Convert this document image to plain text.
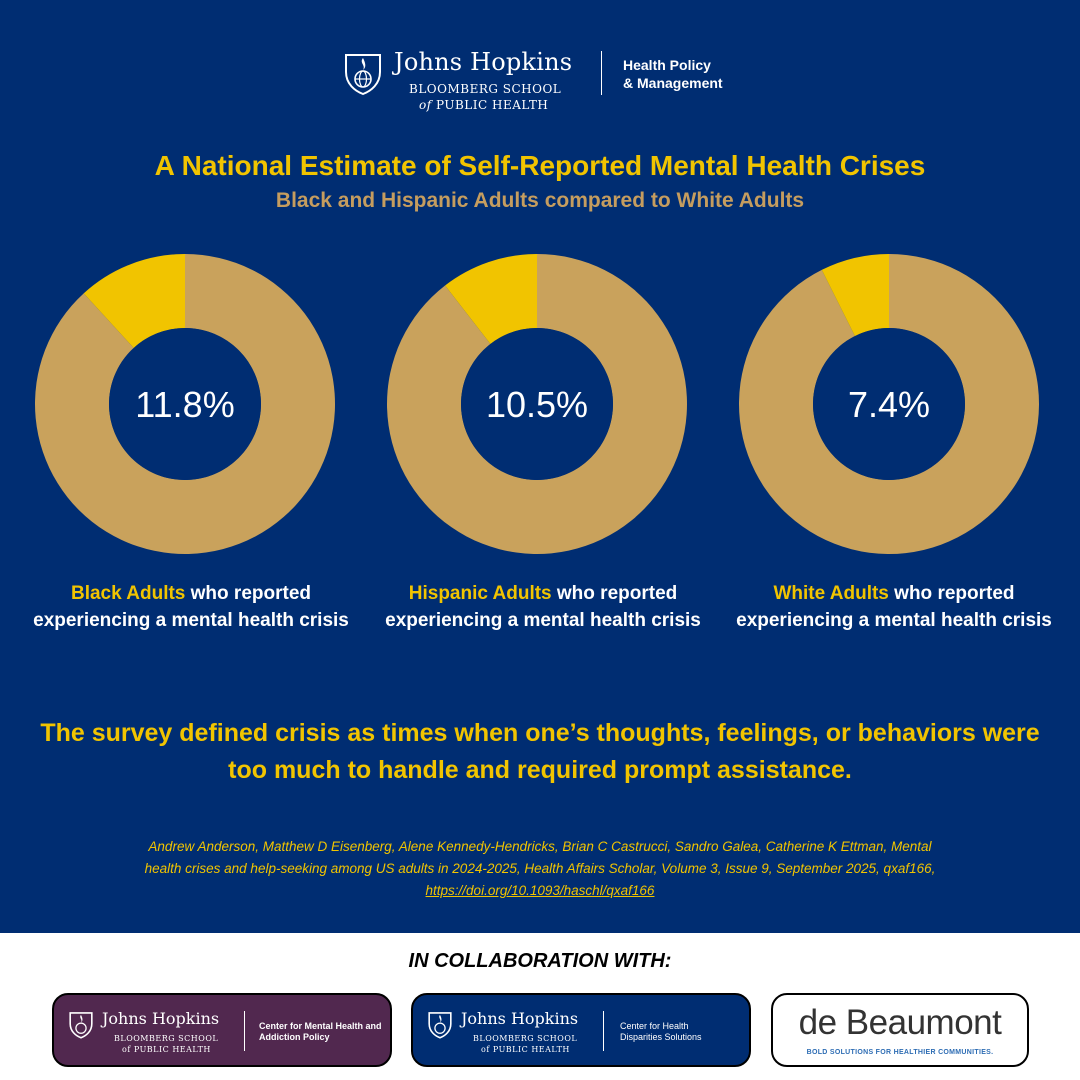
Johns Hopkins
BLOOMBERG SCHOOL
of PUBLIC HEALTH
Health Policy
& Management
A National Estimate of Self-Reported Mental Health Crises
Black and Hispanic Adults compared to White Adults
11.8%	10.5%	7.4%
Black Adults who reported experiencing a mental health crisis
Hispanic Adults who reported experiencing a mental health crisis
White Adults who reported experiencing a mental health crisis
The survey defined crisis as times when one’s thoughts, feelings, or behaviors were too much to handle and required prompt assistance.
Andrew Anderson, Matthew D Eisenberg, Alene Kennedy-Hendricks, Brian C Castrucci, Sandro Galea, Catherine K Ettman, Mental health crises and help-seeking among US adults in 2024-2025, Health Affairs Scholar, Volume 3, Issue 9, September 2025, qxaf166, https://doi.org/10.1093/haschl/qxaf166
IN COLLABORATION WITH:
Johns Hopkins
BLOOMBERG SCHOOL
of PUBLIC HEALTH
Center for Mental Health and Addiction Policy
Johns Hopkins
BLOOMBERG SCHOOL
of PUBLIC HEALTH
Center for Health Disparities Solutions	de Beaumont
BOLD SOLUTIONS FOR HEALTHIER COMMUNITIES.
